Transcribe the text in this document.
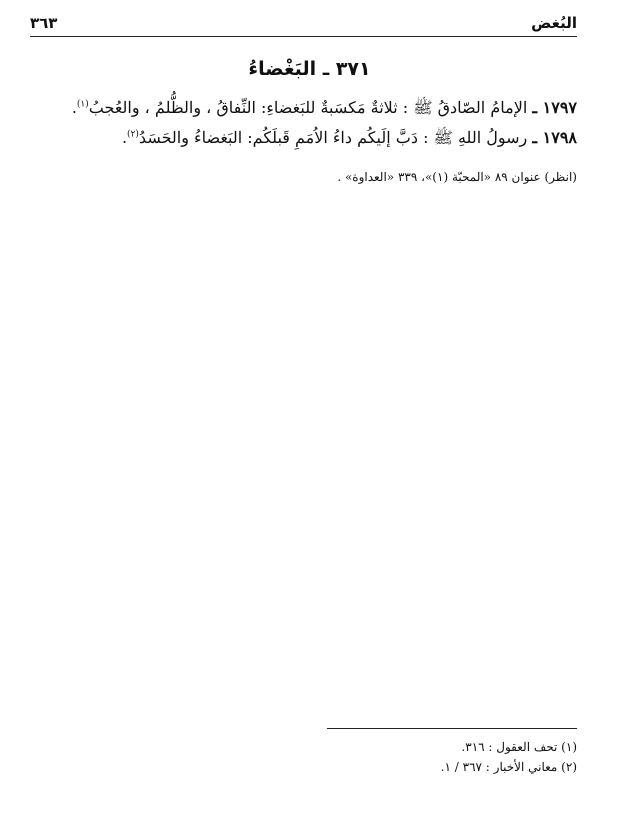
البُغض
٣٦٣
٣٧١ ـ البَغْضاءُ
١٧٩٧ ـ الإمامُ الصّادقُ ﷺ : ثلاثةٌ مَكسَبةٌ للبَغضاءِ: النِّفاقُ ، والظُّلمُ ، والعُجبُ$^{(١)}$.
١٧٩٨ ـ رسولُ اللهِ ﷺ : دَبَّ إلَيكُم داءُ الاُمَمِ قَبلَكُم: البَغضاءُ والحَسَدُ$^{(٢)}$.
(انظر) عنوان ٨٩ «المحبّة (١)»، ٣٣٩ «العداوة» .
(١) تحف العقول : ٣١٦.
(٢) معاني الأخبار : ٣٦٧ / ١.
